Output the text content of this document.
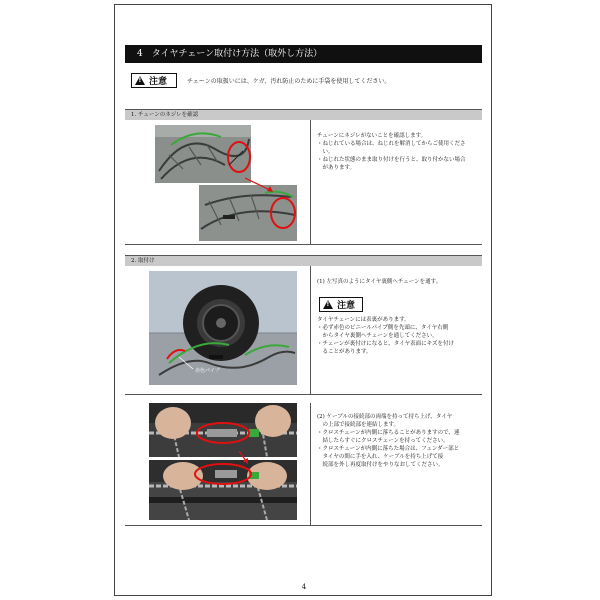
4　タイヤチェーン取付け方法（取外し方法）
!
注意	チェーンの取扱いには、ケガ、汚れ防止のために手袋を使用してください。
1. チェーンのネジレを確認
チェーンにネジレがないことを確認します。
・ねじれている場合は、ねじれを解消してからご使用くださ
　い。
・ねじれた状態のまま取り付けを行うと、取り付かない場合
　があります。
2. 取付け
赤色パイプ
(1) 左写真のようにタイヤ裏側へチェーンを通す。
!
注意
タイヤチェーンには表裏があります。
・必ず赤色のビニールパイプ側を先頭に、タイヤ右側
　からタイヤ裏側へチェーンを通してください。
・チェーンが裏付けになると、タイヤ表面にキズを付け
　ることがあります。
(2) ケーブルの接続部の両端を持って持ち上げ、タイヤ
　の上部で接続部を連結します。
・クロスチェーンが内側に落ちることがありますので、連
　結したらすぐにクロスチェーンを持ってください。
・クロスチェーンが内側に落ちた場合は、フェンダー部と
　タイヤの間に手を入れ、ケーブルを持ち上げて接
　続部を外し再度取付けをやりなおしてください。
4
